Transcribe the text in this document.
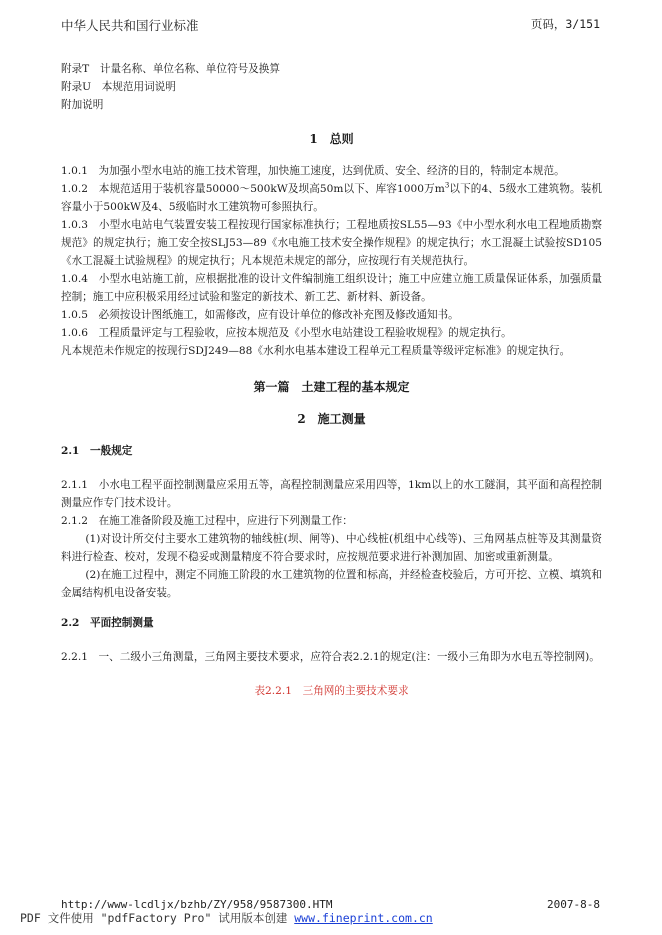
中华人民共和国行业标准	页码，3/151
附录T　计量名称、单位名称、单位符号及换算
附录U　本规范用词说明
附加说明
1　总则
1.0.1　为加强小型水电站的施工技术管理，加快施工速度，达到优质、安全、经济的目的，特制定本规范。
1.0.2　本规范适用于装机容量50000～500kW及坝高50m以下、库容1000万$m^3$以下的4、5级水工建筑物。装机容量小于500kW及4、5级临时水工建筑物可参照执行。
1.0.3　小型水电站电气装置安装工程按现行国家标准执行；工程地质按SL55—93《中小型水利水电工程地质勘察规范》的规定执行；施工安全按SLJ53—89《水电施工技术安全操作规程》的规定执行；水工混凝土试验按SD105《水工混凝土试验规程》的规定执行；凡本规范未规定的部分，应按现行有关规范执行。
1.0.4　小型水电站施工前，应根据批准的设计文件编制施工组织设计；施工中应建立施工质量保证体系，加强质量控制；施工中应积极采用经过试验和鉴定的新技术、新工艺、新材料、新设备。
1.0.5　必须按设计图纸施工，如需修改，应有设计单位的修改补充图及修改通知书。
1.0.6　工程质量评定与工程验收，应按本规范及《小型水电站建设工程验收规程》的规定执行。
凡本规范未作规定的按现行SDJ249—88《水利水电基本建设工程单元工程质量等级评定标准》的规定执行。
第一篇　土建工程的基本规定
2　施工测量
2.1　一般规定
2.1.1　小水电工程平面控制测量应采用五等，高程控制测量应采用四等，1km以上的水工隧洞，其平面和高程控制测量应作专门技术设计。
2.1.2　在施工准备阶段及施工过程中，应进行下列测量工作：
(1)对设计所交付主要水工建筑物的轴线桩(坝、闸等)、中心线桩(机组中心线等)、三角网基点桩等及其测量资料进行检查、校对，发现不稳妥或测量精度不符合要求时，应按规范要求进行补测加固、加密或重新测量。
(2)在施工过程中，测定不同施工阶段的水工建筑物的位置和标高，并经检查校验后，方可开挖、立模、填筑和金属结构机电设备安装。
2.2　平面控制测量
2.2.1　一、二级小三角测量，三角网主要技术要求，应符合表2.2.1的规定(注：一级小三角即为水电五等控制网)。
表2.2.1　三角网的主要技术要求
http://www-lcdljx/bzhb/ZY/958/9587300.HTM	2007-8-8
PDF 文件使用 "pdfFactory Pro" 试用版本创建 www.fineprint.com.cn
